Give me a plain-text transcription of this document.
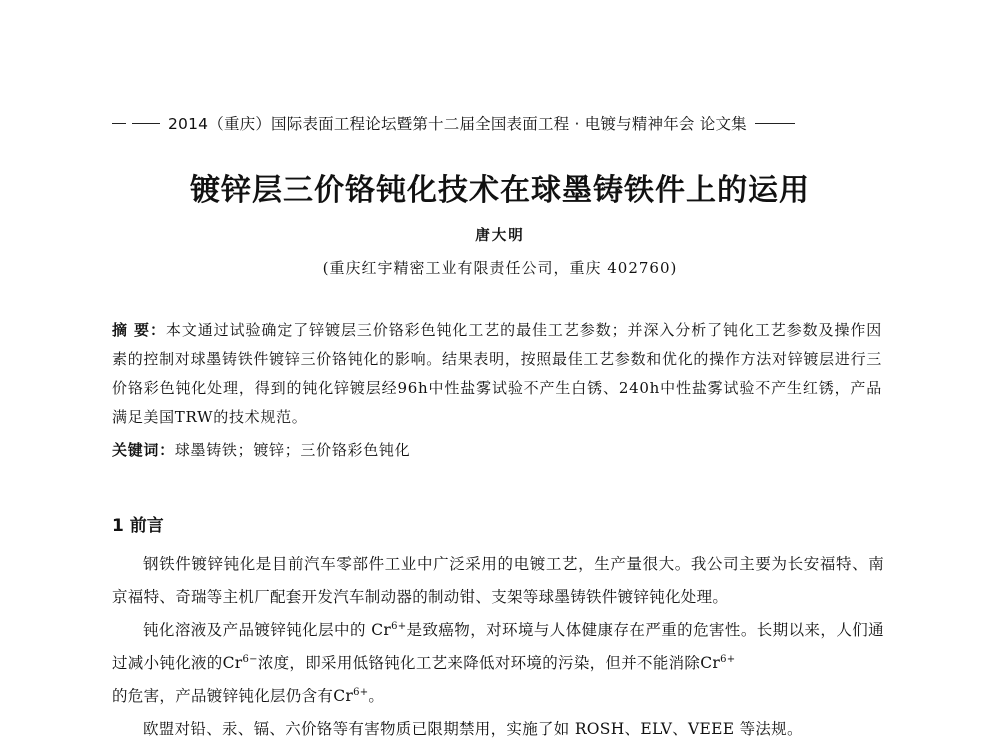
2014（重庆）国际表面工程论坛暨第十二届全国表面工程 · 电镀与精神年会 论文集
镀锌层三价铬钝化技术在球墨铸铁件上的运用
唐大明
(重庆红宇精密工业有限责任公司，重庆 402760)
摘 要：本文通过试验确定了锌镀层三价铬彩色钝化工艺的最佳工艺参数；并深入分析了钝化工艺参数及操作因素的控制对球墨铸铁件镀锌三价铬钝化的影响。结果表明，按照最佳工艺参数和优化的操作方法对锌镀层进行三价铬彩色钝化处理，得到的钝化锌镀层经96h中性盐雾试验不产生白锈、240h中性盐雾试验不产生红锈，产品满足美国TRW的技术规范。
关键词：球墨铸铁；镀锌；三价铬彩色钝化
1 前言

钢铁件镀锌钝化是目前汽车零部件工业中广泛采用的电镀工艺，生产量很大。我公司主要为长安福特、南京福特、奇瑞等主机厂配套开发汽车制动器的制动钳、支架等球墨铸铁件镀锌钝化处理。

钝化溶液及产品镀锌钝化层中的 $Cr^{6+}$是致癌物，对环境与人体健康存在严重的危害性。长期以来，人们通过减小钝化液的$Cr^{6-}$浓度，即采用低铬钝化工艺来降低对环境的污染，但并不能消除$Cr^{6+}$
的危害，产品镀锌钝化层仍含有$Cr^{6+}$。

欧盟对铅、汞、镉、六价铬等有害物质已限期禁用，实施了如 ROSH、ELV、VEEE 等法规。
